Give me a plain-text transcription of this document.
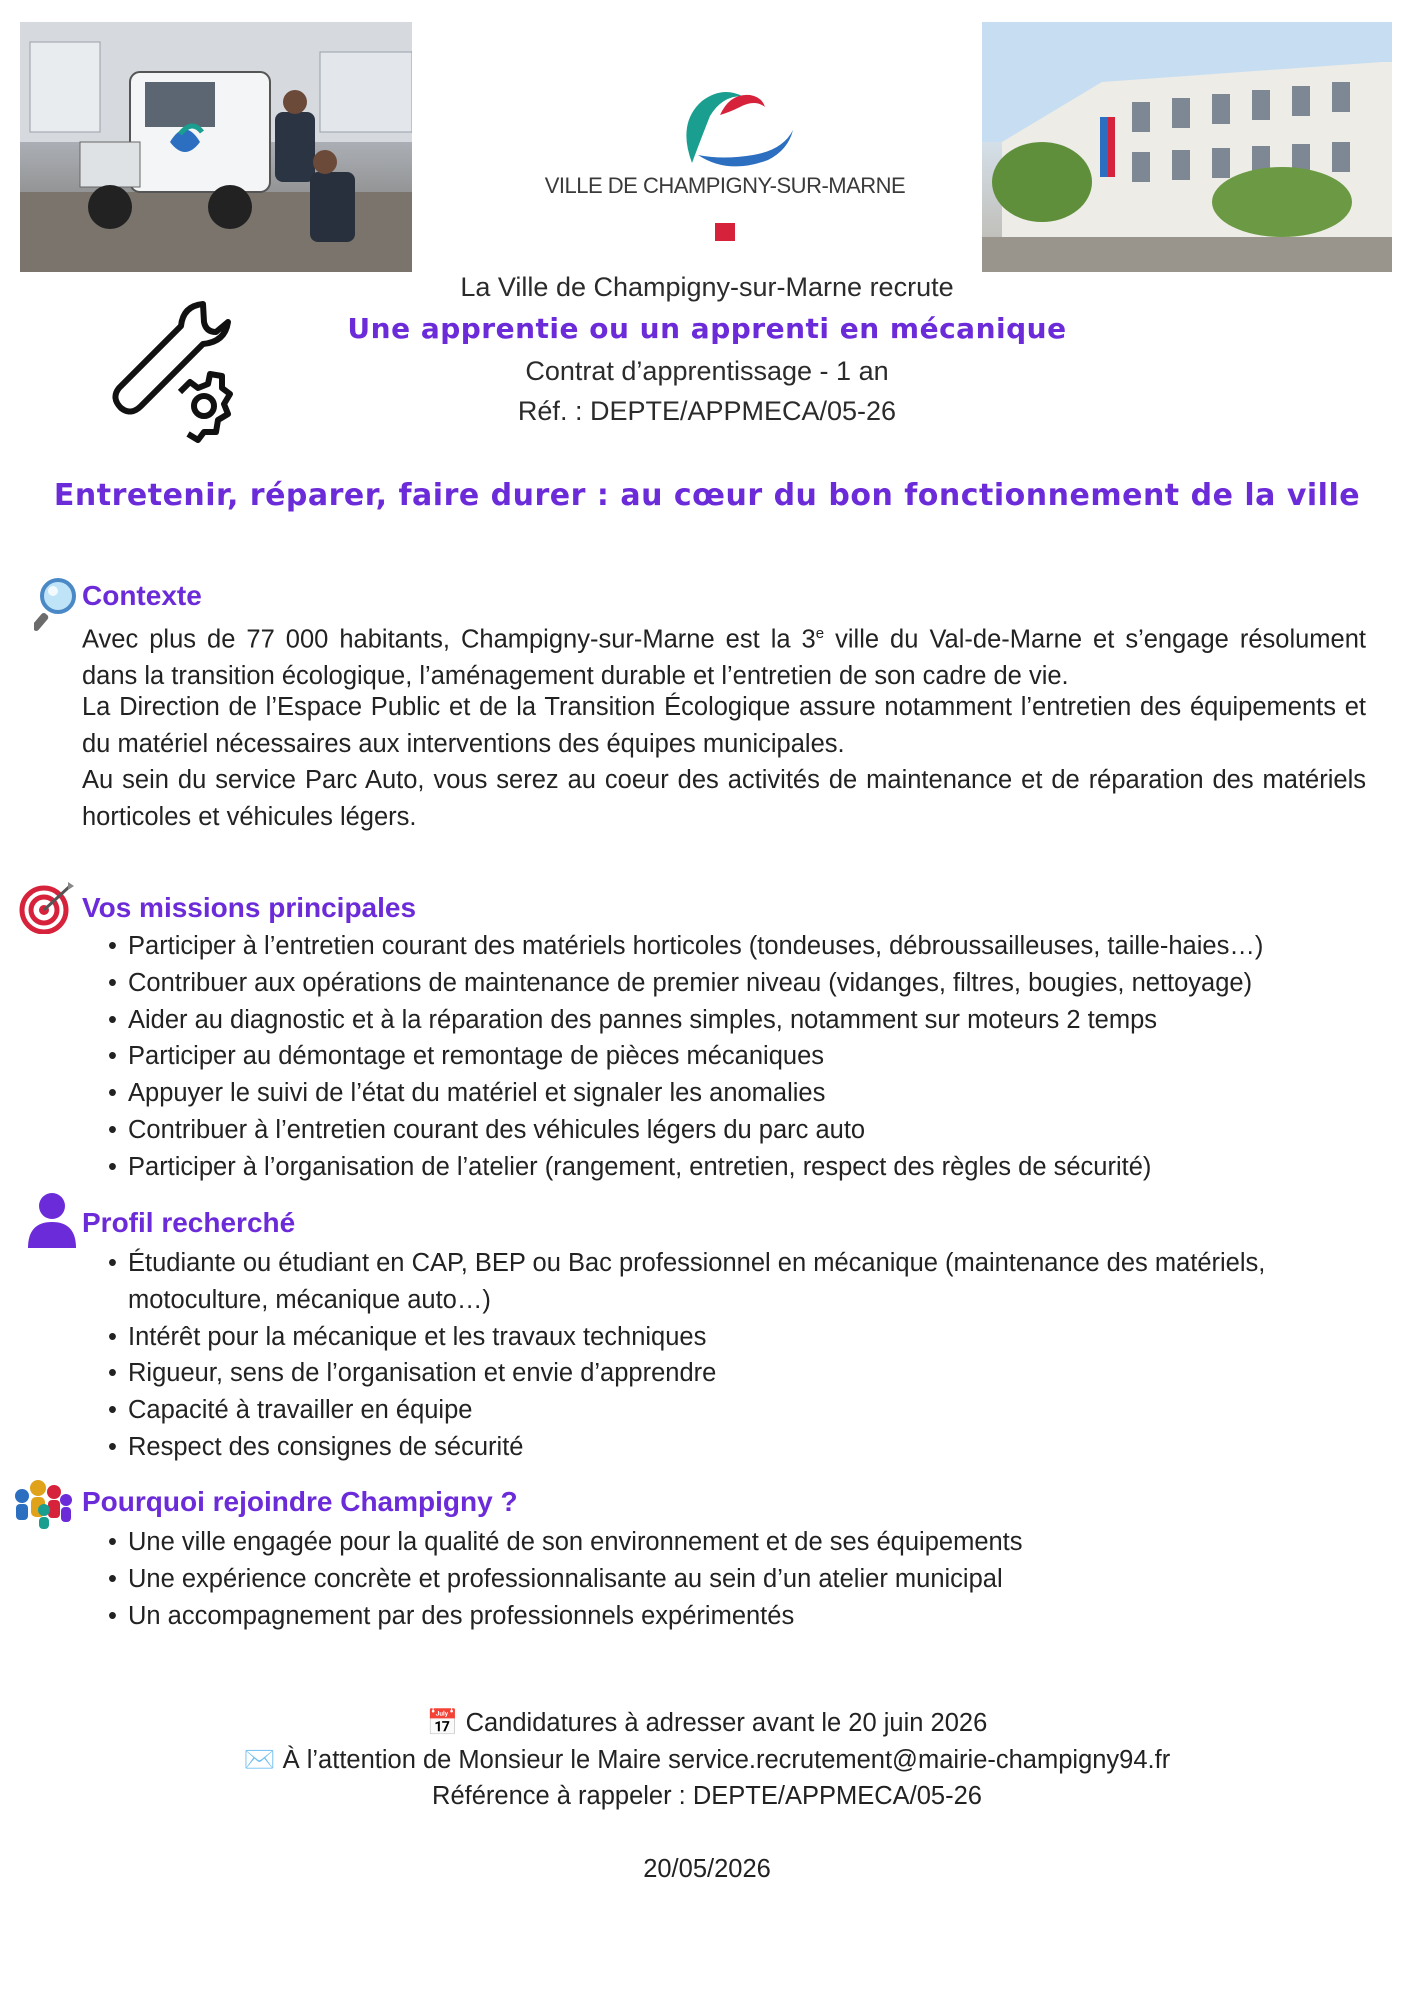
VILLE DE CHAMPIGNY-SUR-MARNE
La Ville de Champigny-sur-Marne recrute
Une apprentie ou un apprenti en mécanique
Contrat d’apprentissage - 1 an
Réf. : DEPTE/APPMECA/05-26
Entretenir, réparer, faire durer : au cœur du bon fonctionnement de la ville
Contexte
Avec plus de 77 000 habitants, Champigny-sur-Marne est la 3e ville du Val-de-Marne et s’engage résolument dans la transition écologique, l’aménagement durable et l’entretien de son cadre de vie.
La Direction de l’Espace Public et de la Transition Écologique assure notamment l’entretien des équipements et du matériel nécessaires aux interventions des équipes municipales.
Au sein du service Parc Auto, vous serez au coeur des activités de maintenance et de réparation des matériels horticoles et véhicules légers.
Vos missions principales
• Participer à l’entretien courant des matériels horticoles (tondeuses, débroussailleuses, taille-haies…)
• Contribuer aux opérations de maintenance de premier niveau (vidanges, filtres, bougies, nettoyage)
• Aider au diagnostic et à la réparation des pannes simples, notamment sur moteurs 2 temps
• Participer au démontage et remontage de pièces mécaniques
• Appuyer le suivi de l’état du matériel et signaler les anomalies
• Contribuer à l’entretien courant des véhicules légers du parc auto
• Participer à l’organisation de l’atelier (rangement, entretien, respect des règles de sécurité)
Profil recherché
• Étudiante ou étudiant en CAP, BEP ou Bac professionnel en mécanique (maintenance des matériels, motoculture, mécanique auto…)
• Intérêt pour la mécanique et les travaux techniques
• Rigueur, sens de l’organisation et envie d’apprendre
• Capacité à travailler en équipe
• Respect des consignes de sécurité
Pourquoi rejoindre Champigny ?
• Une ville engagée pour la qualité de son environnement et de ses équipements
• Une expérience concrète et professionnalisante au sein d’un atelier municipal
• Un accompagnement par des professionnels expérimentés
📅 Candidatures à adresser avant le 20 juin 2026
✉️ À l’attention de Monsieur le Maire service.recrutement@mairie-champigny94.fr
Référence à rappeler : DEPTE/APPMECA/05-26
20/05/2026
